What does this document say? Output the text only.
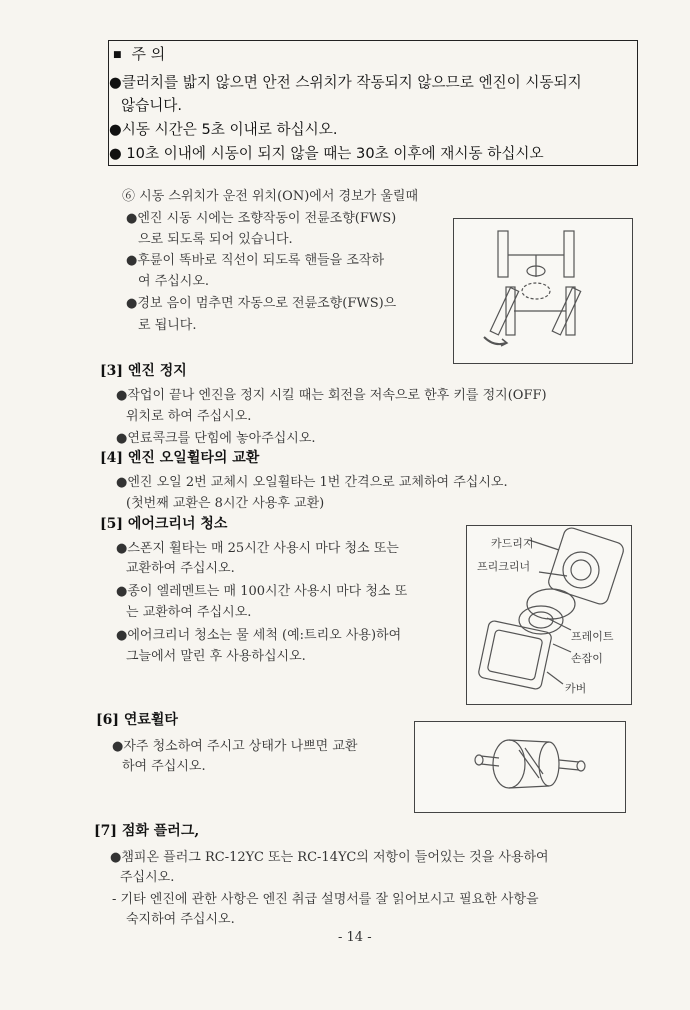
■ 주 의
●클러치를 밟지 않으면 안전 스위치가 작동되지 않으므로 엔진이 시동되지
않습니다.
●시동 시간은 5초 이내로 하십시오.
● 10초 이내에 시동이 되지 않을 때는 30초 이후에 재시동 하십시오
⑥ 시동 스위치가 운전 위치(ON)에서 경보가 울릴때
●엔진 시동 시에는 조향작동이 전륜조향(FWS)
으로 되도록 되어 있습니다.
●후륜이 똑바로 직선이 되도록 핸들을 조작하
여 주십시오.
●경보 음이 멈추면 자동으로 전륜조향(FWS)으
로 됩니다.
[3] 엔진 정지
●작업이 끝나 엔진을 정지 시킬 때는 회전을 저속으로 한후 키를 정지(OFF)
위치로 하여 주십시오.
●연료콕크를 단힘에 놓아주십시오.
[4] 엔진 오일휠타의 교환
●엔진 오일 2번 교체시 오일휠타는 1번 간격으로 교체하여 주십시오.
(첫번째 교환은 8시간 사용후 교환)
[5] 에어크리너 청소
●스폰지 휠타는 매 25시간 사용시 마다 청소 또는
교환하여 주십시오.
●종이 엘레멘트는 매 100시간 사용시 마다 청소 또
는 교환하여 주십시오.
●에어크리너 청소는 물 세척 (예:트리오 사용)하여
그늘에서 말린 후 사용하십시오.
카드리지
프리크리너
프레이트
손잡이
카버
[6] 연료휠타
●자주 청소하여 주시고 상태가 나쁘면 교환
하여 주십시오.
[7] 점화 플러그,
●챔피온 플러그 RC-12YC 또는 RC-14YC의 저항이 들어있는 것을 사용하여
주십시오.
- 기타 엔진에 관한 사항은 엔진 취급 설명서를 잘 읽어보시고 필요한 사항을
숙지하여 주십시오.
- 14 -
